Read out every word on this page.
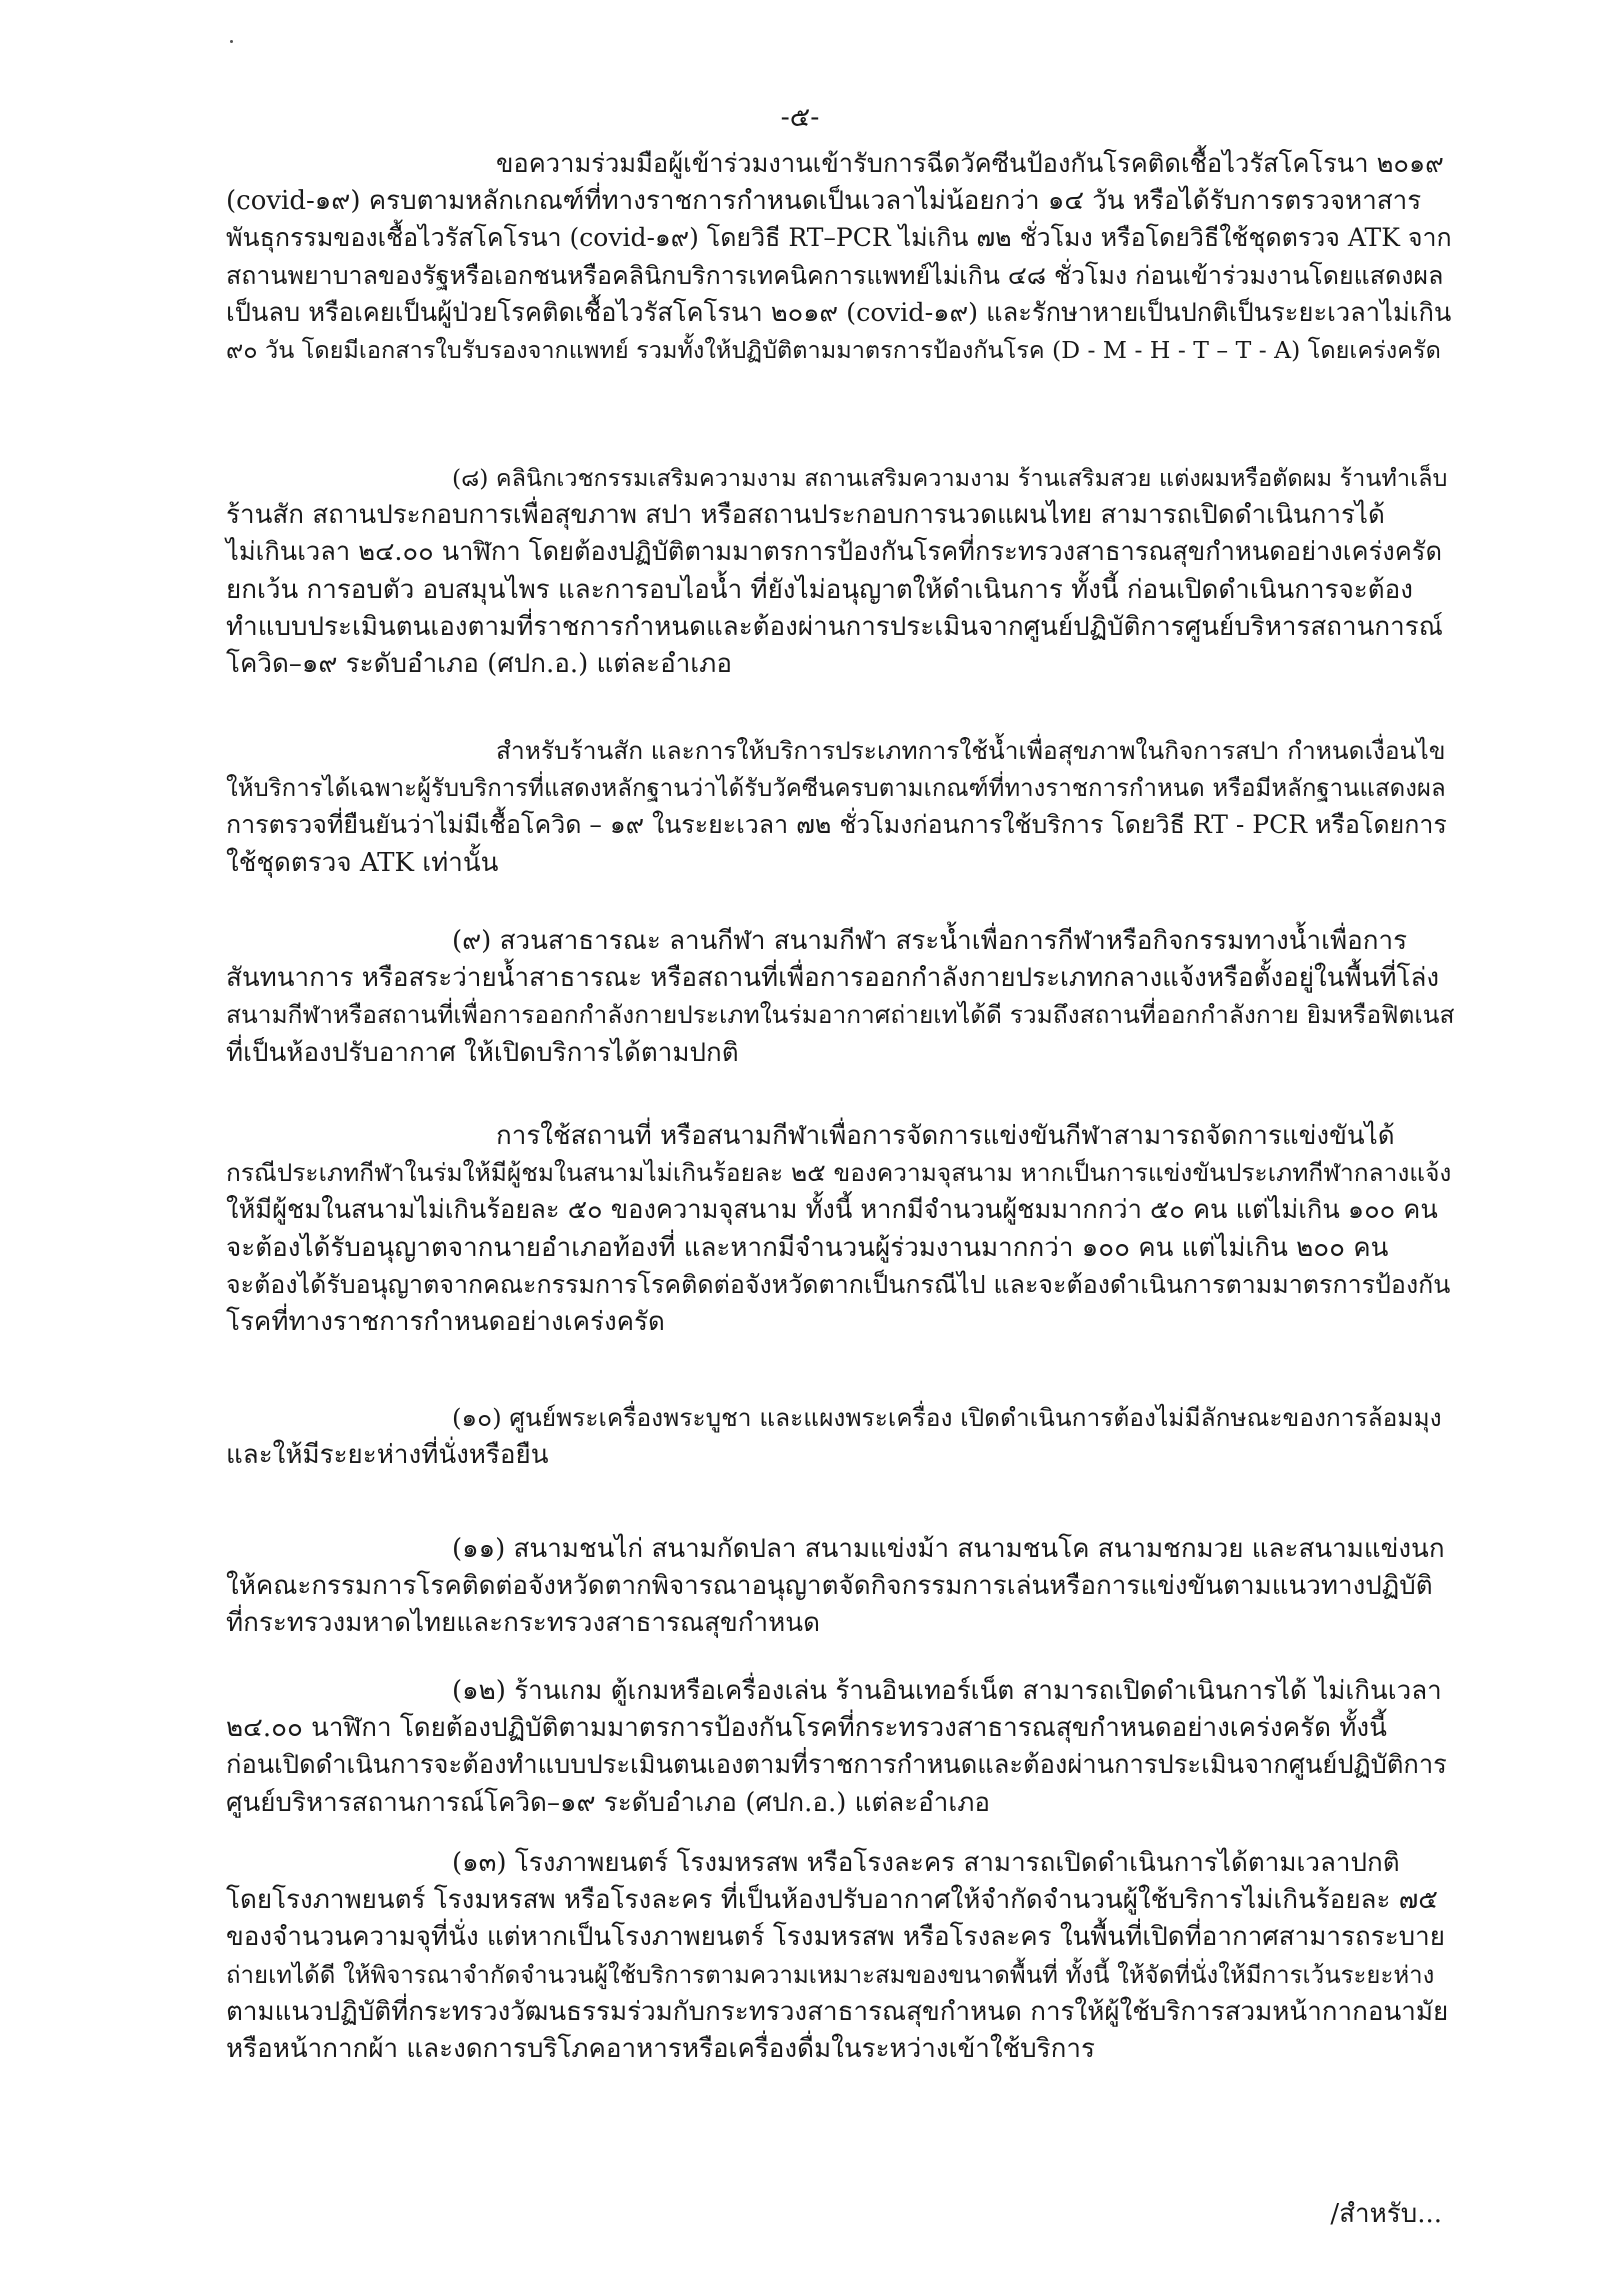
-๕-
ขอความร่วมมือผู้เข้าร่วมงานเข้ารับการฉีดวัคซีนป้องกันโรคติดเชื้อไวรัสโคโรนา ๒๐๑๙
(covid-๑๙) ครบตามหลักเกณฑ์ที่ทางราชการกำหนดเป็นเวลาไม่น้อยกว่า ๑๔ วัน หรือได้รับการตรวจหาสาร
พันธุกรรมของเชื้อไวรัสโคโรนา (covid-๑๙) โดยวิธี RT–PCR ไม่เกิน ๗๒ ชั่วโมง หรือโดยวิธีใช้ชุดตรวจ ATK จาก
สถานพยาบาลของรัฐหรือเอกชนหรือคลินิกบริการเทคนิคการแพทย์ไม่เกิน ๔๘ ชั่วโมง ก่อนเข้าร่วมงานโดยแสดงผล
เป็นลบ หรือเคยเป็นผู้ป่วยโรคติดเชื้อไวรัสโคโรนา ๒๐๑๙ (covid-๑๙) และรักษาหายเป็นปกติเป็นระยะเวลาไม่เกิน
๙๐ วัน โดยมีเอกสารใบรับรองจากแพทย์ รวมทั้งให้ปฏิบัติตามมาตรการป้องกันโรค (D - M - H - T – T - A) โดยเคร่งครัด
(๘) คลินิกเวชกรรมเสริมความงาม สถานเสริมความงาม ร้านเสริมสวย แต่งผมหรือตัดผม ร้านทำเล็บ
ร้านสัก สถานประกอบการเพื่อสุขภาพ สปา หรือสถานประกอบการนวดแผนไทย สามารถเปิดดำเนินการได้
ไม่เกินเวลา ๒๔.๐๐ นาฬิกา โดยต้องปฏิบัติตามมาตรการป้องกันโรคที่กระทรวงสาธารณสุขกำหนดอย่างเคร่งครัด
ยกเว้น การอบตัว อบสมุนไพร และการอบไอน้ำ ที่ยังไม่อนุญาตให้ดำเนินการ ทั้งนี้ ก่อนเปิดดำเนินการจะต้อง
ทำแบบประเมินตนเองตามที่ราชการกำหนดและต้องผ่านการประเมินจากศูนย์ปฏิบัติการศูนย์บริหารสถานการณ์
โควิด–๑๙ ระดับอำเภอ (ศปก.อ.) แต่ละอำเภอ
สำหรับร้านสัก และการให้บริการประเภทการใช้น้ำเพื่อสุขภาพในกิจการสปา กำหนดเงื่อนไข
ให้บริการได้เฉพาะผู้รับบริการที่แสดงหลักฐานว่าได้รับวัคซีนครบตามเกณฑ์ที่ทางราชการกำหนด หรือมีหลักฐานแสดงผล
การตรวจที่ยืนยันว่าไม่มีเชื้อโควิด – ๑๙ ในระยะเวลา ๗๒ ชั่วโมงก่อนการใช้บริการ โดยวิธี RT - PCR หรือโดยการ
ใช้ชุดตรวจ ATK เท่านั้น
(๙) สวนสาธารณะ ลานกีฬา สนามกีฬา สระน้ำเพื่อการกีฬาหรือกิจกรรมทางน้ำเพื่อการ
สันทนาการ หรือสระว่ายน้ำสาธารณะ หรือสถานที่เพื่อการออกกำลังกายประเภทกลางแจ้งหรือตั้งอยู่ในพื้นที่โล่ง
สนามกีฬาหรือสถานที่เพื่อการออกกำลังกายประเภทในร่มอากาศถ่ายเทได้ดี รวมถึงสถานที่ออกกำลังกาย ยิมหรือฟิตเนส
ที่เป็นห้องปรับอากาศ ให้เปิดบริการได้ตามปกติ
การใช้สถานที่ หรือสนามกีฬาเพื่อการจัดการแข่งขันกีฬาสามารถจัดการแข่งขันได้
กรณีประเภทกีฬาในร่มให้มีผู้ชมในสนามไม่เกินร้อยละ ๒๕ ของความจุสนาม หากเป็นการแข่งขันประเภทกีฬากลางแจ้ง
ให้มีผู้ชมในสนามไม่เกินร้อยละ ๕๐ ของความจุสนาม ทั้งนี้ หากมีจำนวนผู้ชมมากกว่า ๕๐ คน แต่ไม่เกิน ๑๐๐ คน
จะต้องได้รับอนุญาตจากนายอำเภอท้องที่ และหากมีจำนวนผู้ร่วมงานมากกว่า ๑๐๐ คน แต่ไม่เกิน ๒๐๐ คน
จะต้องได้รับอนุญาตจากคณะกรรมการโรคติดต่อจังหวัดตากเป็นกรณีไป และจะต้องดำเนินการตามมาตรการป้องกัน
โรคที่ทางราชการกำหนดอย่างเคร่งครัด
(๑๐) ศูนย์พระเครื่องพระบูชา และแผงพระเครื่อง เปิดดำเนินการต้องไม่มีลักษณะของการล้อมมุง
และให้มีระยะห่างที่นั่งหรือยืน
(๑๑) สนามชนไก่ สนามกัดปลา สนามแข่งม้า สนามชนโค สนามชกมวย และสนามแข่งนก
ให้คณะกรรมการโรคติดต่อจังหวัดตากพิจารณาอนุญาตจัดกิจกรรมการเล่นหรือการแข่งขันตามแนวทางปฏิบัติ
ที่กระทรวงมหาดไทยและกระทรวงสาธารณสุขกำหนด
(๑๒) ร้านเกม ตู้เกมหรือเครื่องเล่น ร้านอินเทอร์เน็ต สามารถเปิดดำเนินการได้ ไม่เกินเวลา
๒๔.๐๐ นาฬิกา โดยต้องปฏิบัติตามมาตรการป้องกันโรคที่กระทรวงสาธารณสุขกำหนดอย่างเคร่งครัด ทั้งนี้
ก่อนเปิดดำเนินการจะต้องทำแบบประเมินตนเองตามที่ราชการกำหนดและต้องผ่านการประเมินจากศูนย์ปฏิบัติการ
ศูนย์บริหารสถานการณ์โควิด–๑๙ ระดับอำเภอ (ศปก.อ.) แต่ละอำเภอ
(๑๓) โรงภาพยนตร์ โรงมหรสพ หรือโรงละคร สามารถเปิดดำเนินการได้ตามเวลาปกติ
โดยโรงภาพยนตร์ โรงมหรสพ หรือโรงละคร ที่เป็นห้องปรับอากาศให้จำกัดจำนวนผู้ใช้บริการไม่เกินร้อยละ ๗๕
ของจำนวนความจุที่นั่ง แต่หากเป็นโรงภาพยนตร์ โรงมหรสพ หรือโรงละคร ในพื้นที่เปิดที่อากาศสามารถระบาย
ถ่ายเทได้ดี ให้พิจารณาจำกัดจำนวนผู้ใช้บริการตามความเหมาะสมของขนาดพื้นที่ ทั้งนี้ ให้จัดที่นั่งให้มีการเว้นระยะห่าง
ตามแนวปฏิบัติที่กระทรวงวัฒนธรรมร่วมกับกระทรวงสาธารณสุขกำหนด การให้ผู้ใช้บริการสวมหน้ากากอนามัย
หรือหน้ากากผ้า และงดการบริโภคอาหารหรือเครื่องดื่มในระหว่างเข้าใช้บริการ
/สำหรับ...
